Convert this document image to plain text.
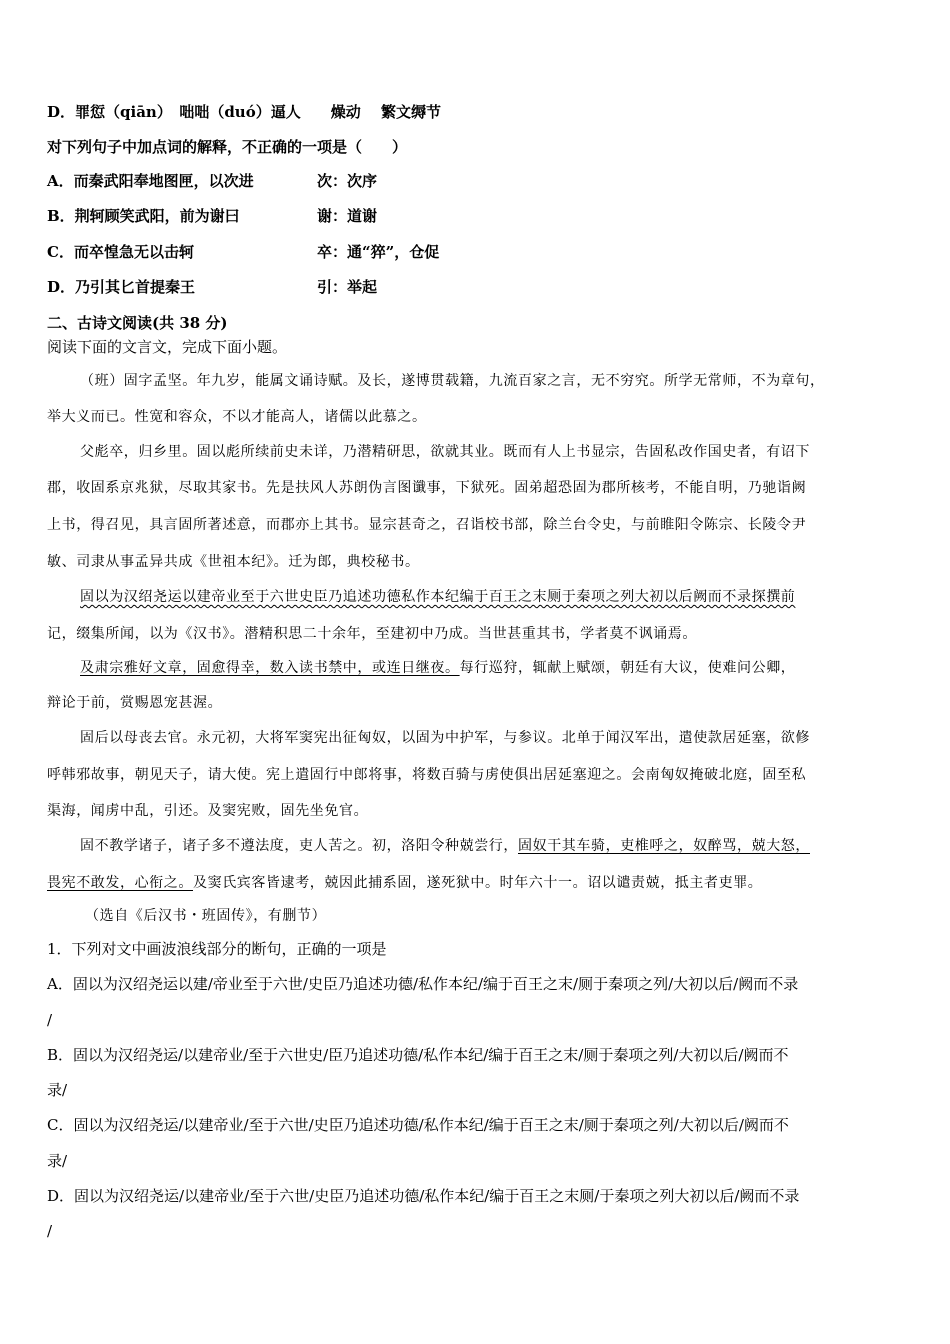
D．罪愆（qiān）　咄咄（duó）逼人　　燥动　 繁文缛节
对下列句子中加点词的解释，不正确的一项是（　　）
A．而秦武阳奉地图匣，以次进	次：次序
B．荆轲顾笑武阳，前为谢曰	谢：道谢
C．而卒惶急无以击轲	卒：通“猝”，仓促
D．乃引其匕首提秦王	引：举起
二、古诗文阅读(共 38 分)
阅读下面的文言文，完成下面小题。
（班）固字孟坚。年九岁，能属文诵诗赋。及长，遂博贯载籍，九流百家之言，无不穷究。所学无常师，不为章句，
举大义而已。性宽和容众，不以才能高人，诸儒以此慕之。
父彪卒，归乡里。固以彪所续前史未详，乃潜精研思，欲就其业。既而有人上书显宗，告固私改作国史者，有诏下
郡，收固系京兆狱，尽取其家书。先是扶风人苏朗伪言图谶事，下狱死。固弟超恐固为郡所核考，不能自明，乃驰诣阙
上书，得召见，具言固所著述意，而郡亦上其书。显宗甚奇之，召诣校书部，除兰台令史，与前睢阳令陈宗、长陵令尹
敏、司隶从事孟异共成《世祖本纪》。迁为郎，典校秘书。
固以为汉绍尧运以建帝业至于六世史臣乃追述功德私作本纪编于百王之末厕于秦项之列大初以后阙而不录探撰前
记，缀集所闻，以为《汉书》。潜精积思二十余年，至建初中乃成。当世甚重其书，学者莫不讽诵焉。
及肃宗雅好文章，固愈得幸，数入读书禁中，或连日继夜。每行巡狩，辄献上赋颂，朝廷有大议，使难问公卿，
辩论于前，赏赐恩宠甚渥。
固后以母丧去官。永元初，大将军窦宪出征匈奴，以固为中护军，与参议。北单于闻汉军出，遣使款居延塞，欲修
呼韩邪故事，朝见天子，请大使。宪上遣固行中郎将事，将数百骑与虏使俱出居延塞迎之。会南匈奴掩破北庭，固至私
渠海，闻虏中乱，引还。及窦宪败，固先坐免官。
固不教学诸子，诸子多不遵法度，吏人苦之。初，洛阳令种兢尝行，固奴干其车骑，吏椎呼之，奴醉骂，兢大怒，
畏宪不敢发，心衔之。及窦氏宾客皆逮考，兢因此捕系固，遂死狱中。时年六十一。诏以谴责兢，抵主者吏罪。
（选自《后汉书・班固传》，有删节）
1．下列对文中画波浪线部分的断句，正确的一项是
A．固以为汉绍尧运以建/帝业至于六世/史臣乃追述功德/私作本纪/编于百王之末/厕于秦项之列/大初以后/阙而不录
/
B．固以为汉绍尧运/以建帝业/至于六世史/臣乃追述功德/私作本纪/编于百王之末/厕于秦项之列/大初以后/阙而不
录/
C．固以为汉绍尧运/以建帝业/至于六世/史臣乃追述功德/私作本纪/编于百王之末/厕于秦项之列/大初以后/阙而不
录/
D．固以为汉绍尧运/以建帝业/至于六世/史臣乃追述功德/私作本纪/编于百王之末厕/于秦项之列大初以后/阙而不录
/
